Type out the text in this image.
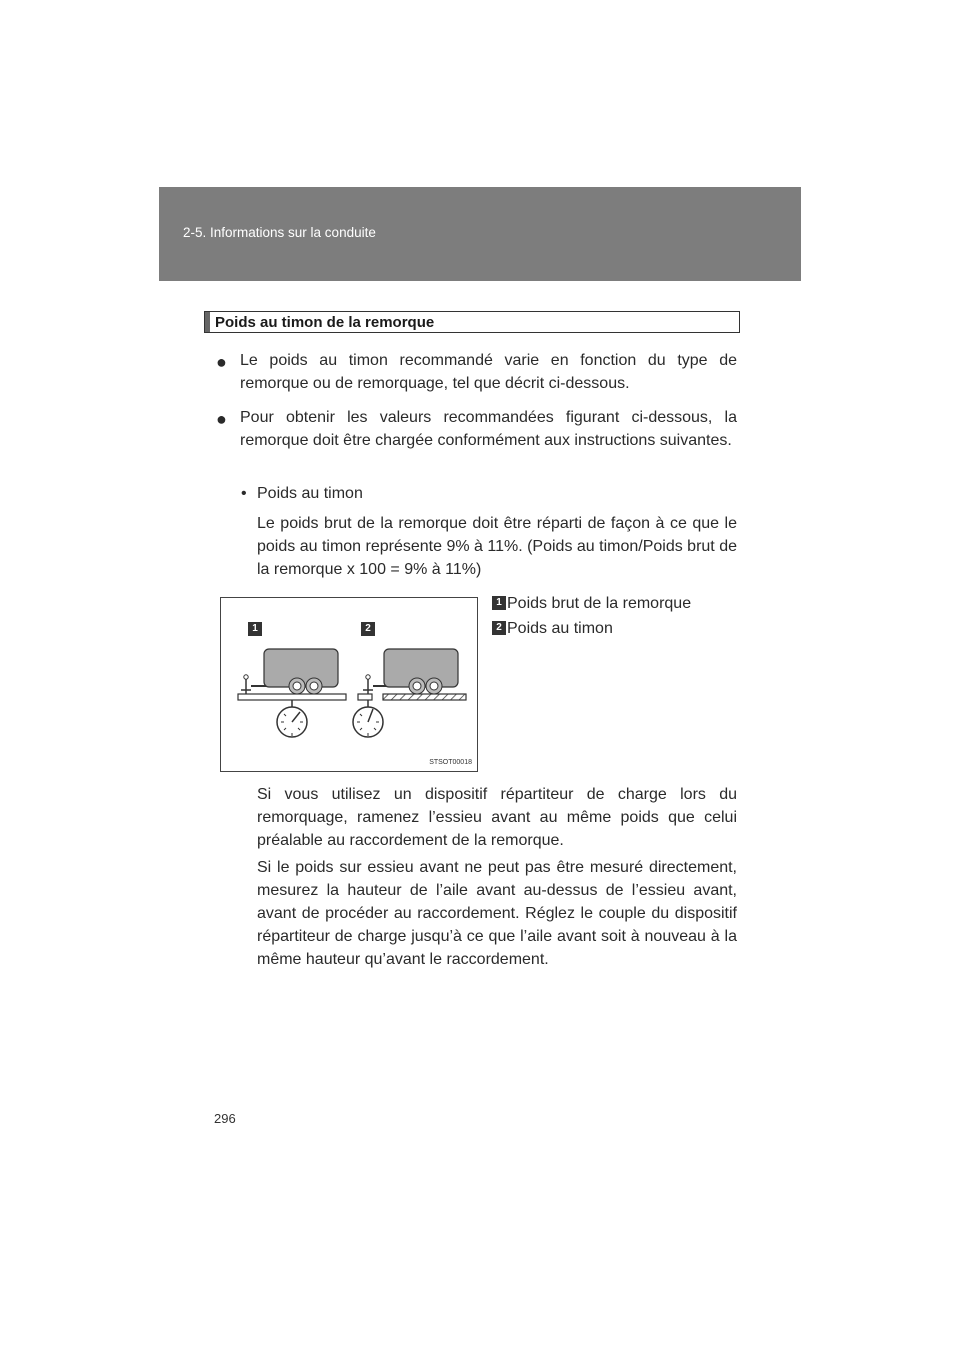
2-5. Informations sur la conduite
Poids au timon de la remorque
● Le poids au timon recommandé varie en fonction du type de remorque ou de remorquage, tel que décrit ci-dessous.
● Pour obtenir les valeurs recommandées figurant ci-dessous, la remorque doit être chargée conformément aux instructions suivantes.
• Poids au timon
Le poids brut de la remorque doit être réparti de façon à ce que le poids au timon représente 9% à 11%. (Poids au timon/Poids brut de la remorque x 100 = 9% à 11%)
1	2
STSOT00018
1 Poids brut de la remorque
2 Poids au timon
Si vous utilisez un dispositif répartiteur de charge lors du remorquage, ramenez l’essieu avant au même poids que celui préalable au raccordement de la remorque.
Si le poids sur essieu avant ne peut pas être mesuré directement, mesurez la hauteur de l’aile avant au-dessus de l’essieu avant, avant de procéder au raccordement. Réglez le couple du dispositif répartiteur de charge jusqu’à ce que l’aile avant soit à nouveau à la même hauteur qu’avant le raccordement.
296
